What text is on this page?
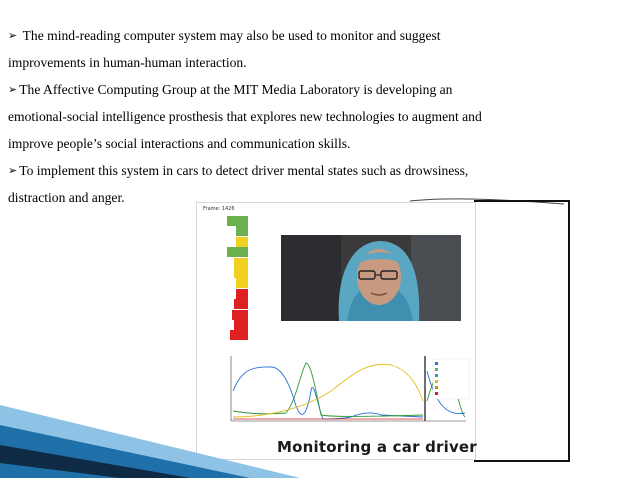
➢ The mind-reading computer system may also be used to monitor and suggest
improvements in human-human interaction.
➢ The Affective Computing Group at the MIT Media Laboratory is developing an
emotional-social intelligence prosthesis that explores new technologies to augment and
improve people’s social interactions and communication skills.
➢ To implement this system in cars to detect driver mental states such as drowsiness,
distraction and anger.
Frame: 1426
Monitoring a car driver
